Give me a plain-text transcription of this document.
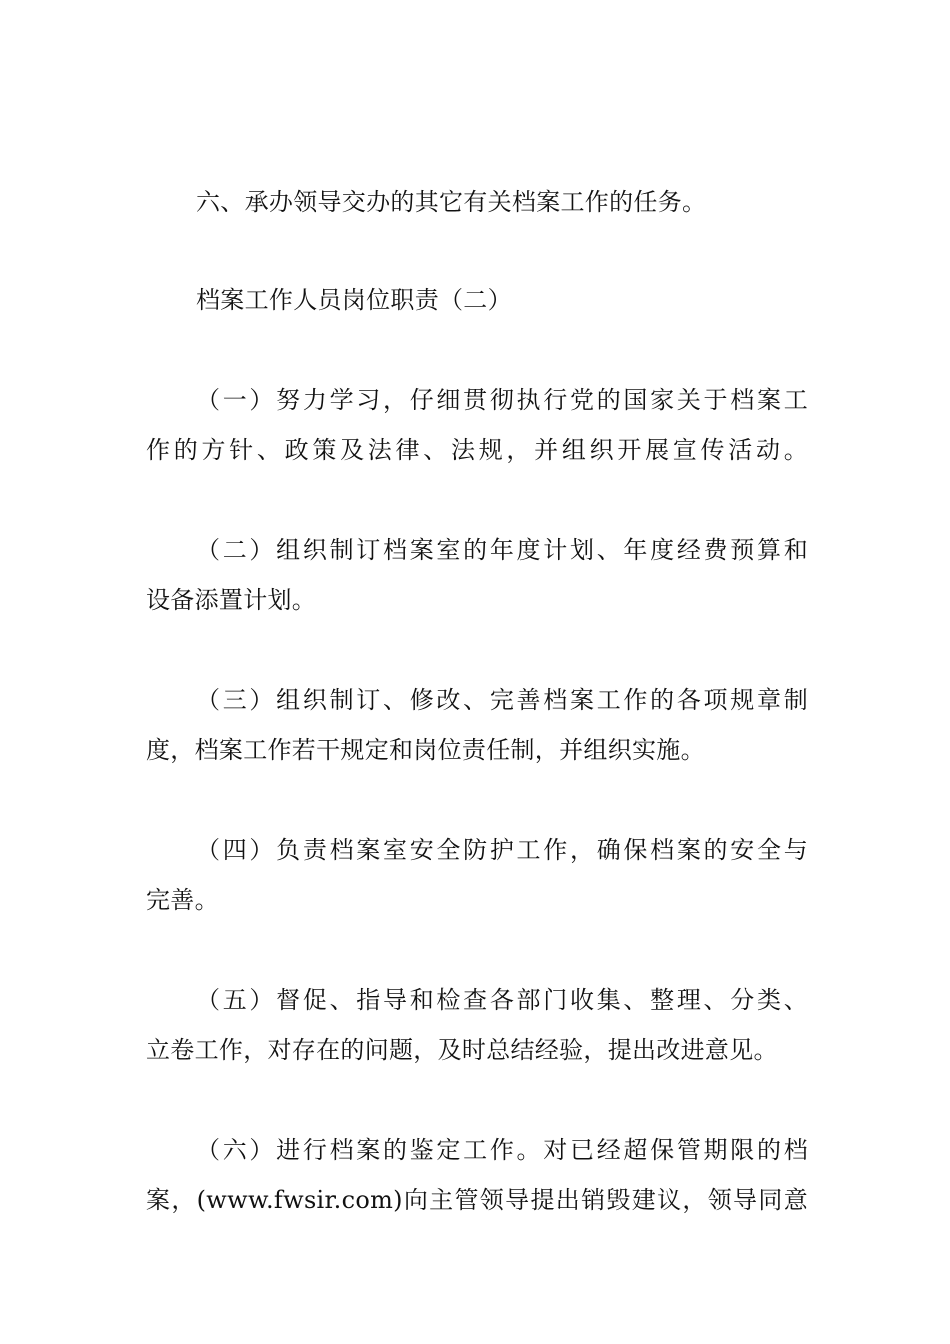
六、承办领导交办的其它有关档案工作的任务。
档案工作人员岗位职责（二）
（一）努力学习，仔细贯彻执行党的国家关于档案工
作的方针、政策及法律、法规，并组织开展宣传活动。
（二）组织制订档案室的年度计划、年度经费预算和
设备添置计划。
（三）组织制订、修改、完善档案工作的各项规章制
度，档案工作若干规定和岗位责任制，并组织实施。
（四）负责档案室安全防护工作，确保档案的安全与
完善。
（五）督促、指导和检查各部门收集、整理、分类、
立卷工作，对存在的问题，及时总结经验，提出改进意见。
（六）进行档案的鉴定工作。对已经超保管期限的档
案，(www.fwsir.com)向主管领导提出销毁建议，领导同意
